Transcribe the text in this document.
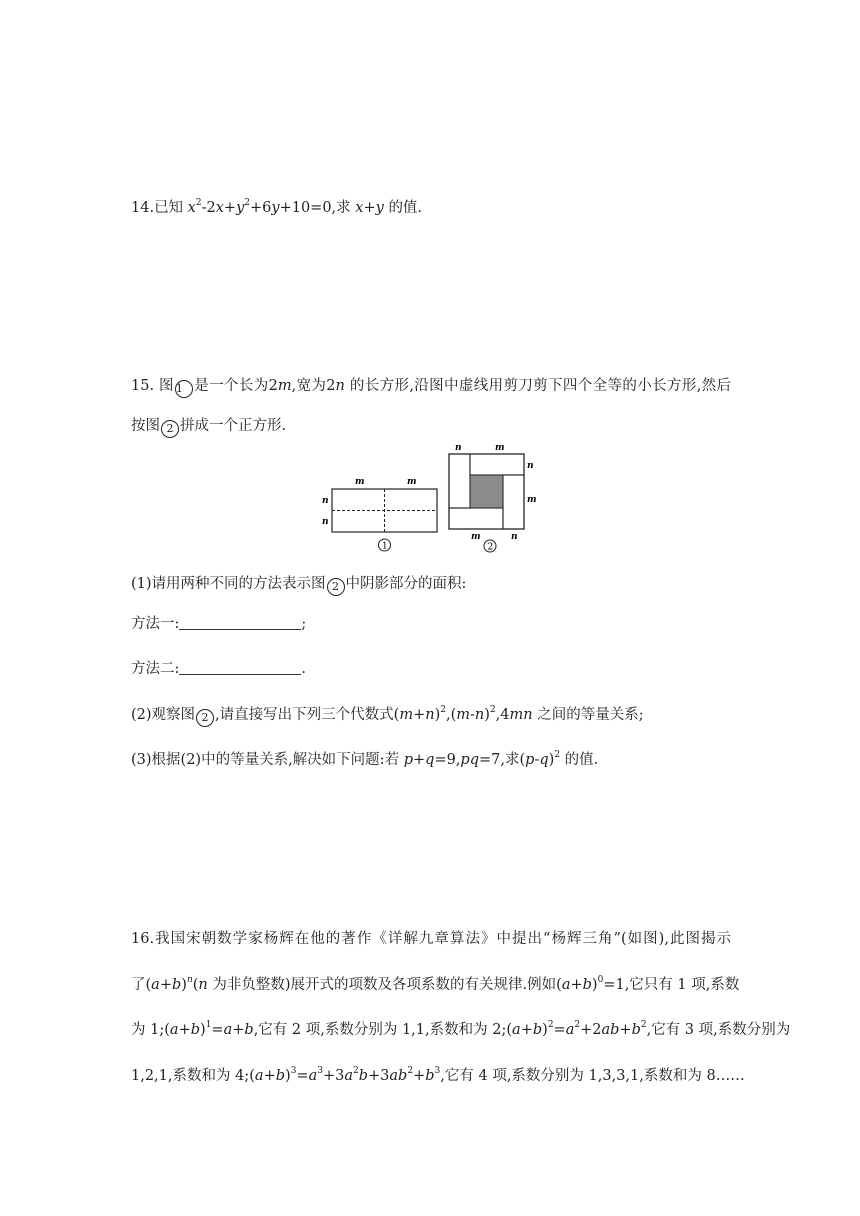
14.已知 $x^2-2x+y^2+6y+10=0$,求 x+y 的值.
15. 图 1 是一个长为2m,宽为2n 的长方形,沿图中虚线用剪刀剪下四个全等的小长方形,然后
按图 2 拼成一个正方形.
m	m
n
n
1
n	m
n
m
m	n
2
(1)请用两种不同的方法表示图 2 中阴影部分的面积:
方法一:	;
方法二:	.
(2)观察图 2 ,请直接写出下列三个代数式$(m+n)^2,(m-n)^2,4mn$ 之间的等量关系;
(3)根据(2)中的等量关系,解决如下问题:若 p+q=9,pq=7,求$(p-q)^2$ 的值.
16.我国宋朝数学家杨辉在他的著作《详解九章算法》中提出“杨辉三角”(如图),此图揭示
了$(a+b)^n(n$ 为非负整数)展开式的项数及各项系数的有关规律.例如$(a+b)^0=1$,它只有 1 项,系数
为 $1;(a+b)^1=a+b$,它有 2 项,系数分别为 1,1,系数和为 $2;(a+b)^2=a^2+2ab+b^2$,它有 3 项,系数分别为
1,2,1,系数和为 $4;(a+b)^3=a^3+3a^2b+3ab^2+b^3$,它有 4 项,系数分别为 1,3,3,1,系数和为 8……
